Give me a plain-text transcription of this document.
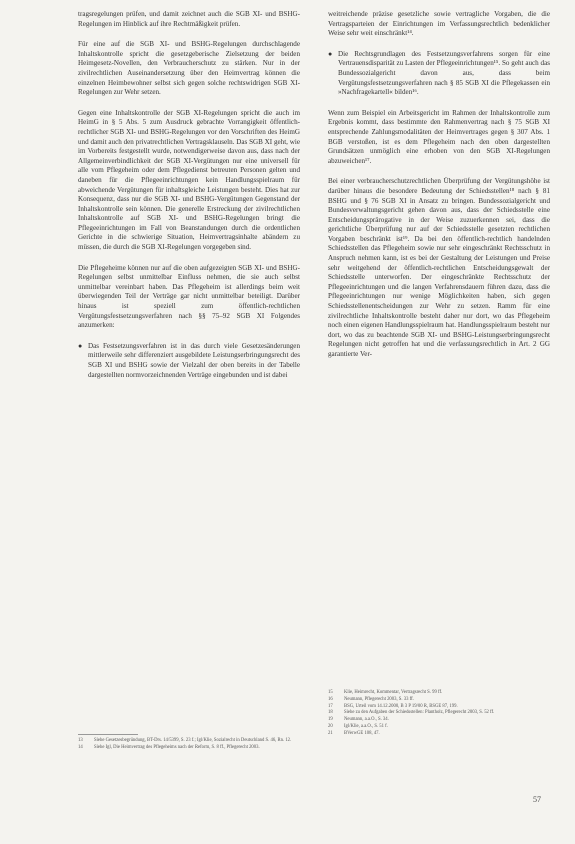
tragsregelungen prüfen, und damit zeichnet auch die SGB XI- und BSHG-Regelungen im Hinblick auf ihre Rechtmäßigkeit prüfen.

Für eine auf die SGB XI- und BSHG-Regelungen durchschlagende Inhaltskontrolle spricht die gesetzgeberische Zielsetzung der beiden Heimgesetz-Novellen, den Verbraucherschutz zu stärken. Nur in der zivilrechtlichen Auseinandersetzung über den Heimvertrag können die einzelnen Heimbewohner selbst sich gegen solche rechtswidrigen SGB XI-Regelungen zur Wehr setzen.

Gegen eine Inhaltskontrolle der SGB XI-Regelungen spricht die auch im HeimG in § 5 Abs. 5 zum Ausdruck gebrachte Vorrangigkeit öffentlich-rechtlicher SGB XI- und BSHG-Regelungen vor den Vorschriften des HeimG und damit auch den privatrechtlichen Vertragsklauseln. Das SGB XI geht, wie im Vorbereits festgestellt wurde, notwendigerweise davon aus, dass nach der Allgemeinverbindlichkeit der SGB XI-Vergütungen nur eine universell für alle vom Pflegeheim oder dem Pflegedienst betreuten Personen gelten und daneben für die Pflegeeinrichtungen kein Handlungsspielraum für abweichende Vergütungen für inhaltsgleiche Leistungen besteht. Dies hat zur Konsequenz, dass nur die SGB XI- und BSHG-Vergütungen Gegenstand der Inhaltskontrolle sein können. Die generelle Erstreckung der zivilrechtlichen Inhaltskontrolle auf SGB XI- und BSHG-Regelungen bringt die Pflegeeinrichtungen im Fall von Beanstandungen durch die ordentlichen Gerichte in die schwierige Situation, Heimvertragsinhalte abändern zu müssen, die durch die SGB XI-Regelungen vorgegeben sind.

Die Pflegeheime können nur auf die oben aufgezeigten SGB XI- und BSHG-Regelungen selbst unmittelbar Einfluss nehmen, die sie auch selbst unmittelbar vereinbart haben. Das Pflegeheim ist allerdings beim weit überwiegenden Teil der Verträge gar nicht unmittelbar beteiligt. Darüber hinaus ist speziell zum öffentlich-rechtlichen Vergütungsfestsetzungsverfahren nach §§ 75–92 SGB XI Folgendes anzumerken:

● Das Festsetzungsverfahren ist in das durch viele Gesetzesänderungen mittlerweile sehr differenziert ausgebildete Leistungserbringungsrecht des SGB XI und BSHG sowie der Vielzahl der oben bereits in der Tabelle dargestellten normvorzeichnenden Verträge eingebunden und ist dabei

weitreichende präzise gesetzliche sowie vertragliche Vorgaben, die die Vertragsparteien der Einrichtungen im Verfassungsrechtlich bedenklicher Weise sehr weit einschränkt¹⁴.

● Die Rechtsgrundlagen des Festsetzungsverfahrens sorgen für eine Vertrauensdisparität zu Lasten der Pflegeeinrichtungen¹⁵. So geht auch das Bundessozialgericht davon aus, dass beim Vergütungsfestsetzungsverfahren nach § 85 SGB XI die Pflegekassen ein »Nachfragekartell« bilden¹⁶.

Wenn zum Beispiel ein Arbeitsgericht im Rahmen der Inhaltskontrolle zum Ergebnis kommt, dass bestimmte den Rahmenvertrag nach § 75 SGB XI entsprechende Zahlungsmodalitäten der Heimvertrages gegen § 307 Abs. 1 BGB verstoßen, ist es dem Pflegeheim nach den oben dargestellten Grundsätzen unmöglich eine erhoben von den SGB XI-Regelungen abzuweichen¹⁷.

Bei einer verbraucherschutzrechtlichen Überprüfung der Vergütungshöhe ist darüber hinaus die besondere Bedeutung der Schiedsstellen¹⁸ nach § 81 BSHG und § 76 SGB XI in Ansatz zu bringen. Bundessozialgericht und Bundesverwaltungsgericht gehen davon aus, dass der Schiedsstelle eine Entscheidungsprärogative in der Weise zuzuerkennen sei, dass die gerichtliche Überprüfung nur auf der Schiedsstelle gesetzten rechtlichen Vorgaben beschränkt ist¹⁹. Da bei den öffentlich-rechtlich handelnden Schiedsstellen das Pflegeheim sowie nur sehr eingeschränkt Rechtsschutz in Anspruch nehmen kann, ist es bei der Gestaltung der Leistungen und Preise sehr weitgehend der öffentlich-rechtlichen Entscheidungsgewalt der Schiedsstelle unterworfen. Der eingeschränkte Rechtsschutz der Pflegeeinrichtungen und die langen Verfahrensdauern führen dazu, dass die Pflegeeinrichtungen nur wenige Möglichkeiten haben, sich gegen Schiedsstellenentscheidungen zur Wehr zu setzen. Ramm für eine zivilrechtliche Inhaltskontrolle besteht daher nur dort, wo das Pflegeheim noch einen eigenen Handlungsspielraum hat. Handlungsspielraum besteht nur dort, wo das zu beachtende SGB XI- und BSHG-Leistungserbringungsrecht Regelungen nicht getroffen hat und die verfassungsrechtlich in Art. 2 GG garantierte Ver-

13	Siehe Gesetzesbegründung, BT-Drs. 14/5399, S. 23 f.; Igl/Klie, Sozialrecht in Deutschland S. 46, Rn. 12.
14	Siehe Igl, Die Heimvertrag des Pflegeheims nach der Reform, S. 8 ff., Pflegerecht 2003.
15	Klie, Heimrecht, Kommentar, Vertragsrecht S. 99 ff.
16	Neumann, Pflegerecht 2003, S. 33 ff.
17	BSG, Urteil vom 14.12.2000, B 3 P 19/00 R, BSGE 87, 199.
18	Siehe zu den Aufgaben der Schiedsstellen: Plantholz, Pflegerecht 2003, S. 52 ff.
19	Neumann, a.a.O., S. 34.
20	Igl/Klie, a.a.O., S. 51 f.
21	BVerwGE 108, 47.
57
